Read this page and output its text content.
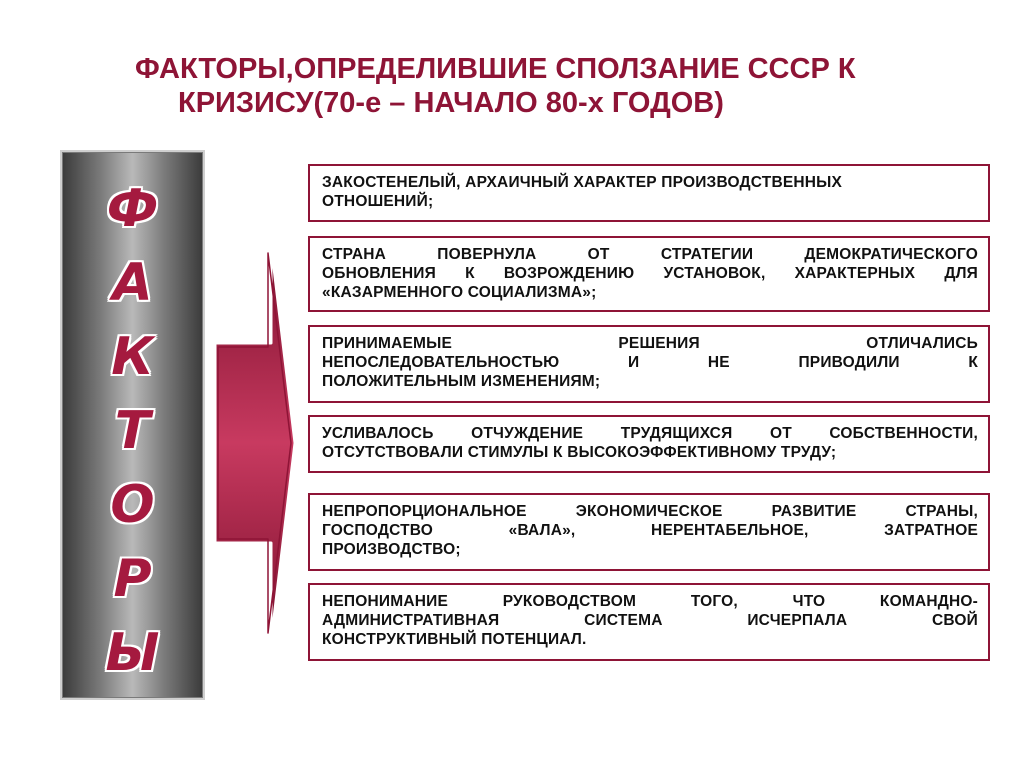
ФАКТОРЫ,ОПРЕДЕЛИВШИЕ СПОЛЗАНИЕ СССР К
КРИЗИСУ(70-е – НАЧАЛО 80-х ГОДОВ)
Ф
А
К
Т
О
Р
Ы

ЗАКОСТЕНЕЛЫЙ, АРХАИЧНЫЙ ХАРАКТЕР ПРОИЗВОДСТВЕННЫХ

ОТНОШЕНИЙ;

СТРАНА ПОВЕРНУЛА ОТ СТРАТЕГИИ ДЕМОКРАТИЧЕСКОГО
ОБНОВЛЕНИЯ К ВОЗРОЖДЕНИЮ УСТАНОВОК, ХАРАКТЕРНЫХ ДЛЯ

«КАЗАРМЕННОГО СОЦИАЛИЗМА»;

ПРИНИМАЕМЫЕ РЕШЕНИЯ ОТЛИЧАЛИСЬ
НЕПОСЛЕДОВАТЕЛЬНОСТЬЮ И НЕ ПРИВОДИЛИ К

ПОЛОЖИТЕЛЬНЫМ ИЗМЕНЕНИЯМ;

УСЛИВАЛОСЬ ОТЧУЖДЕНИЕ ТРУДЯЩИХСЯ ОТ СОБСТВЕННОСТИ,

ОТСУТСТВОВАЛИ СТИМУЛЫ К ВЫСОКОЭФФЕКТИВНОМУ ТРУДУ;

НЕПРОПОРЦИОНАЛЬНОЕ ЭКОНОМИЧЕСКОЕ РАЗВИТИЕ СТРАНЫ,
ГОСПОДСТВО «ВАЛА», НЕРЕНТАБЕЛЬНОЕ, ЗАТРАТНОЕ

ПРОИЗВОДСТВО;

НЕПОНИМАНИЕ РУКОВОДСТВОМ ТОГО, ЧТО КОМАНДНО-
АДМИНИСТРАТИВНАЯ СИСТЕМА ИСЧЕРПАЛА СВОЙ

КОНСТРУКТИВНЫЙ ПОТЕНЦИАЛ.
